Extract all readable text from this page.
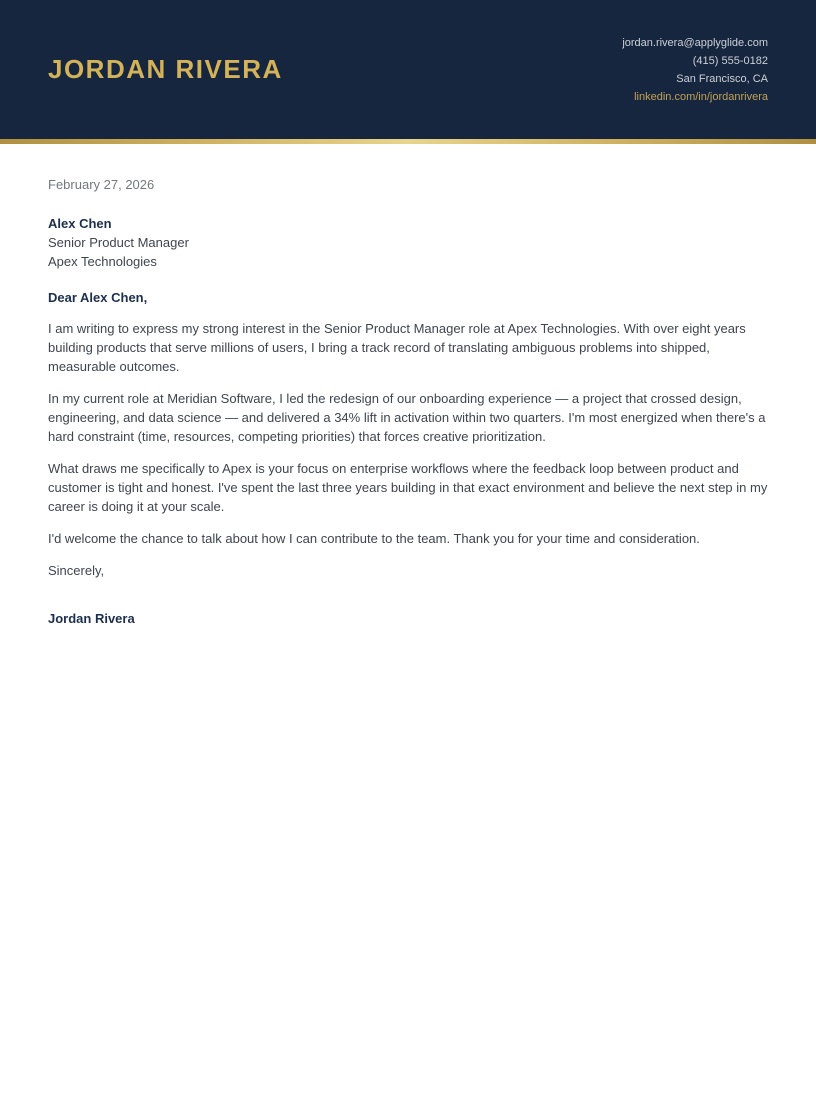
JORDAN RIVERA
jordan.rivera@applyglide.com
(415) 555-0182
San Francisco, CA
linkedin.com/in/jordanrivera
February 27, 2026
Alex Chen
Senior Product Manager
Apex Technologies
Dear Alex Chen,

I am writing to express my strong interest in the Senior Product Manager role at Apex Technologies. With over eight years building products that serve millions of users, I bring a track record of translating ambiguous problems into shipped, measurable outcomes.

In my current role at Meridian Software, I led the redesign of our onboarding experience — a project that crossed design, engineering, and data science — and delivered a 34% lift in activation within two quarters. I'm most energized when there's a hard constraint (time, resources, competing priorities) that forces creative prioritization.

What draws me specifically to Apex is your focus on enterprise workflows where the feedback loop between product and customer is tight and honest. I've spent the last three years building in that exact environment and believe the next step in my career is doing it at your scale.

I'd welcome the chance to talk about how I can contribute to the team. Thank you for your time and consideration.

Sincerely,
Jordan Rivera
